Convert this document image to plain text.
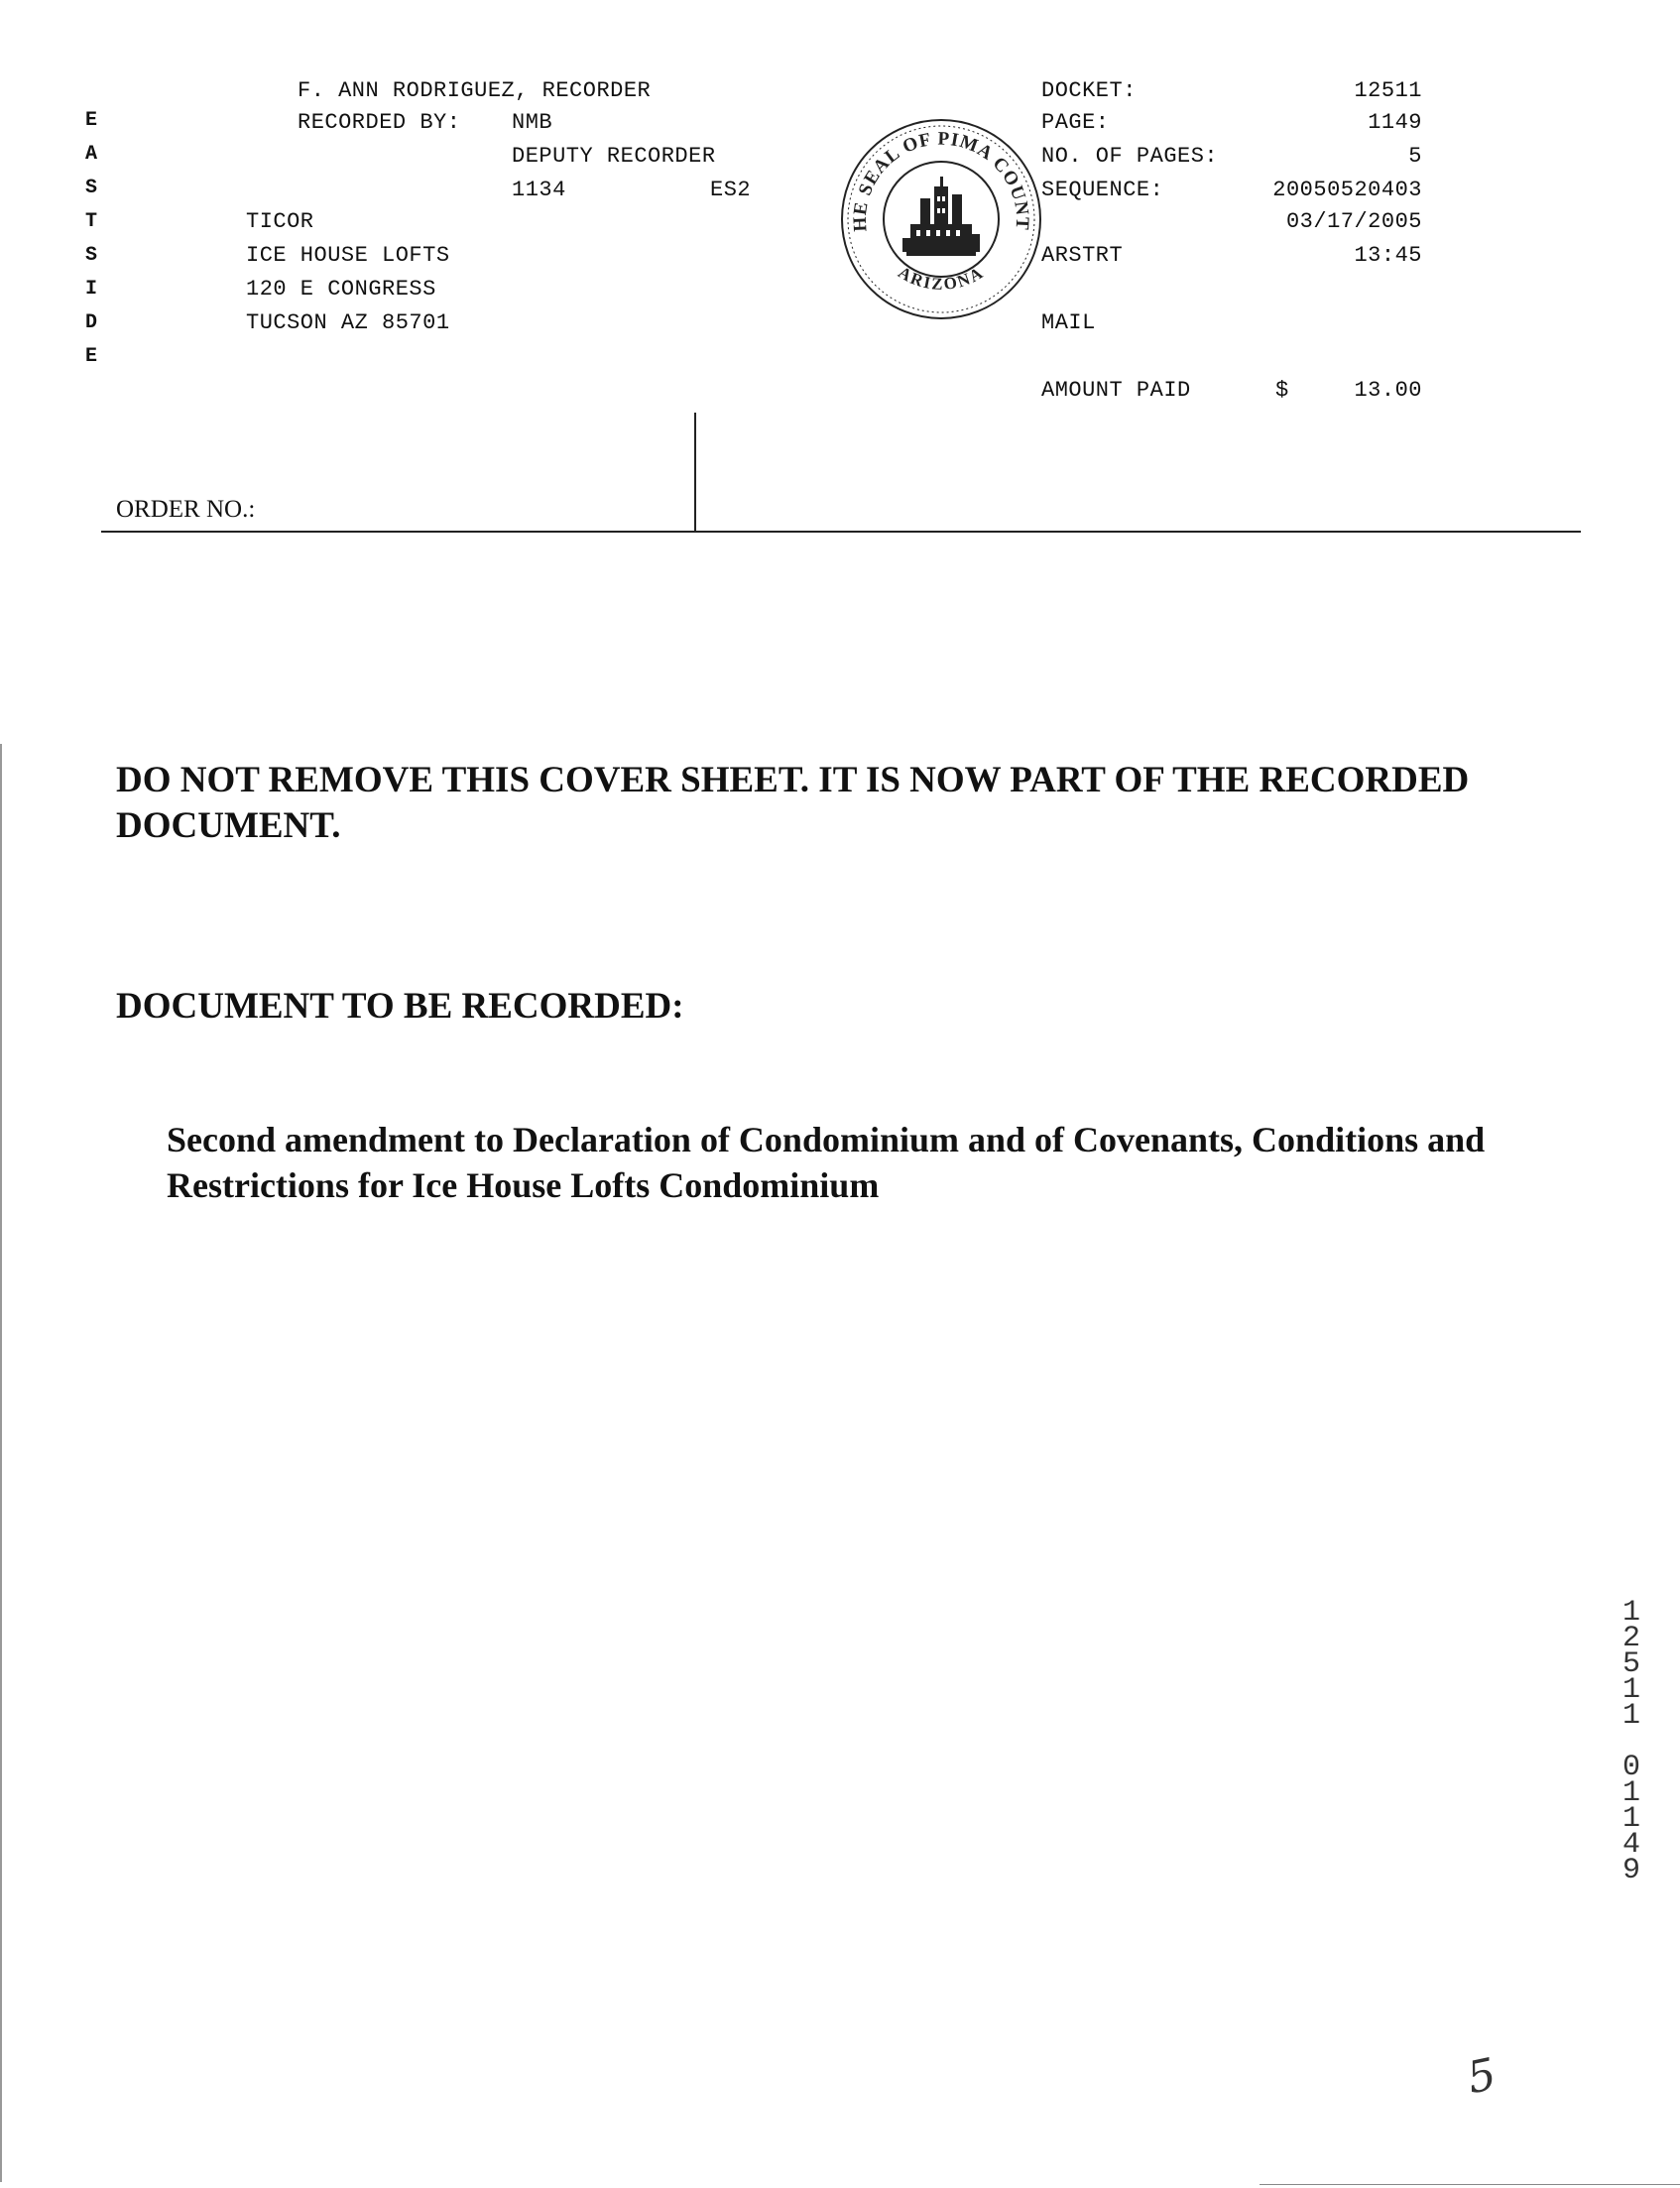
E
A
S
T
S
I
D
E
F. ANN RODRIGUEZ, RECORDER
RECORDED BY: NMB
DEPUTY RECORDER
1134	ES2
TICOR
ICE HOUSE LOFTS
120 E CONGRESS
TUCSON AZ 85701

HE SEAL OF PIMA COUNT
ARIZONA

DOCKET:	12511
PAGE:	1149
NO. OF PAGES:	5
SEQUENCE:	20050520403
03/17/2005
ARSTRT	13:45
MAIL
AMOUNT PAID	$	13.00
ORDER NO.:
DO NOT REMOVE THIS COVER SHEET. IT IS NOW PART OF THE RECORDED DOCUMENT.
DOCUMENT TO BE RECORDED:
Second amendment to Declaration of Condominium and of Covenants, Conditions and Restrictions for Ice House Lofts Condominium
1
2
5
1
1
0
1
1
4
9
5
